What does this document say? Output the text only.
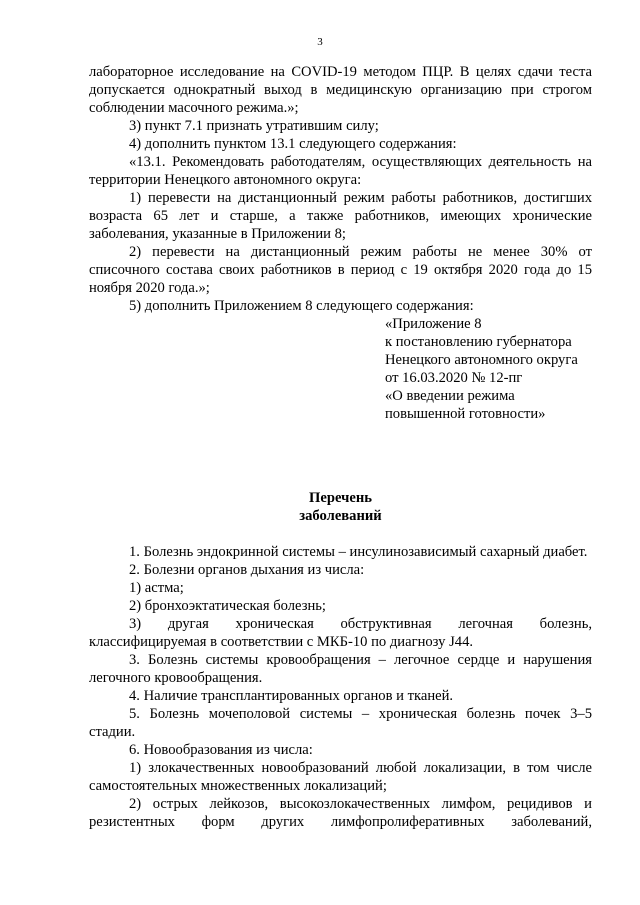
3

лабораторное исследование на COVID-19 методом ПЦР. В целях сдачи теста допускается однократный выход в медицинскую организацию при строгом соблюдении масочного режима.»;

3) пункт 7.1 признать утратившим силу;

4) дополнить пунктом 13.1 следующего содержания:

«13.1. Рекомендовать работодателям, осуществляющих деятельность на территории Ненецкого автономного округа:

1) перевести на дистанционный режим работы работников, достигших возраста 65 лет и старше, а также работников, имеющих хронические заболевания, указанные в Приложении 8;

2) перевести на дистанционный режим работы не менее 30% от списочного состава своих работников в период с 19 октября 2020 года до 15 ноября 2020 года.»;

5) дополнить Приложением 8 следующего содержания:

«Приложение 8

к постановлению губернатора

Ненецкого автономного округа

от 16.03.2020 № 12-пг

«О введении режима

повышенной готовности»

Перечень

заболеваний

1. Болезнь эндокринной системы – инсулинозависимый сахарный диабет.

2. Болезни органов дыхания из числа:

1) астма;

2) бронхоэктатическая болезнь;

3) другая хроническая обструктивная легочная болезнь, классифицируемая в соответствии с МКБ-10 по диагнозу J44.

3. Болезнь системы кровообращения – легочное сердце и нарушения легочного кровообращения.

4. Наличие трансплантированных органов и тканей.

5. Болезнь мочеполовой системы – хроническая болезнь почек 3–5 стадии.

6. Новообразования из числа:

1) злокачественных новообразований любой локализации, в том числе самостоятельных множественных локализаций;

2) острых лейкозов, высокозлокачественных лимфом, рецидивов и резистентных форм других лимфопролиферативных заболеваний,
